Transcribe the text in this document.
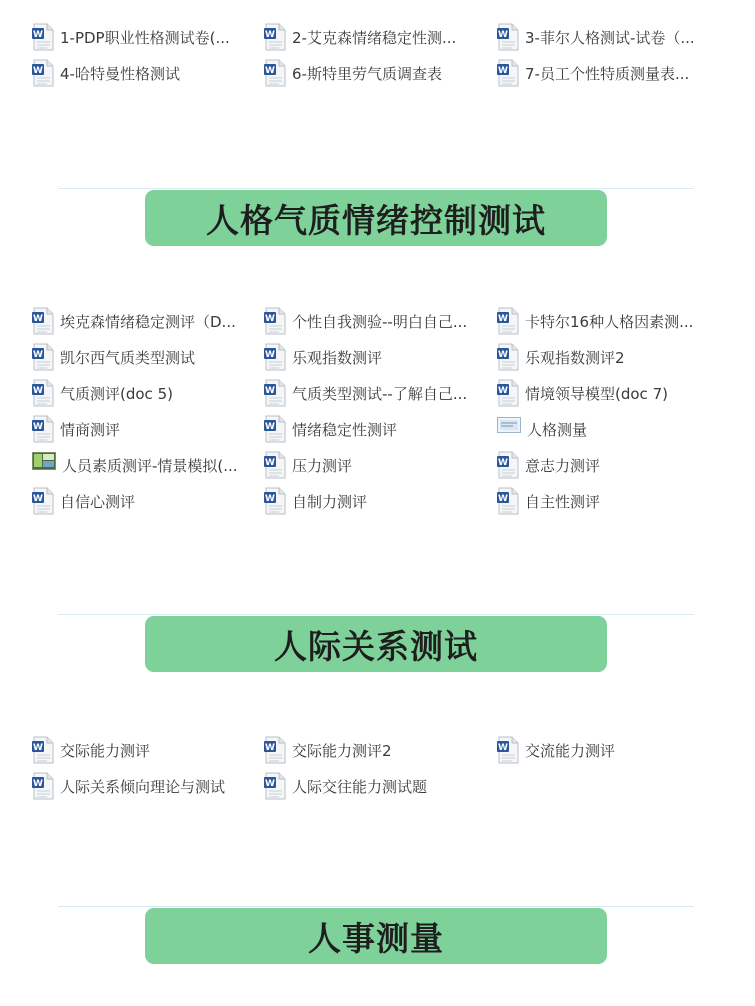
W 1-PDP职业性格测试卷(...	W 2-艾克森情绪稳定性测...	W 3-菲尔人格测试-试卷（...
W 4-哈特曼性格测试	W 6-斯特里劳气质调查表	W 7-员工个性特质测量表...
人格气质情绪控制测试
W 埃克森情绪稳定测评（D...	W 个性自我测验--明白自己...	W 卡特尔16种人格因素测...
W 凯尔西气质类型测试	W 乐观指数测评	W 乐观指数测评2
W 气质测评(doc 5)	W 气质类型测试--了解自己...	W 情境领导模型(doc 7)
W 情商测评	W 情绪稳定性测评	人格测量
人员素质测评-情景模拟(...	W 压力测评	W 意志力测评
W 自信心测评	W 自制力测评	W 自主性测评
人际关系测试
W 交际能力测评	W 交际能力测评2	W 交流能力测评
W 人际关系倾向理论与测试	W 人际交往能力测试题
人事测量
